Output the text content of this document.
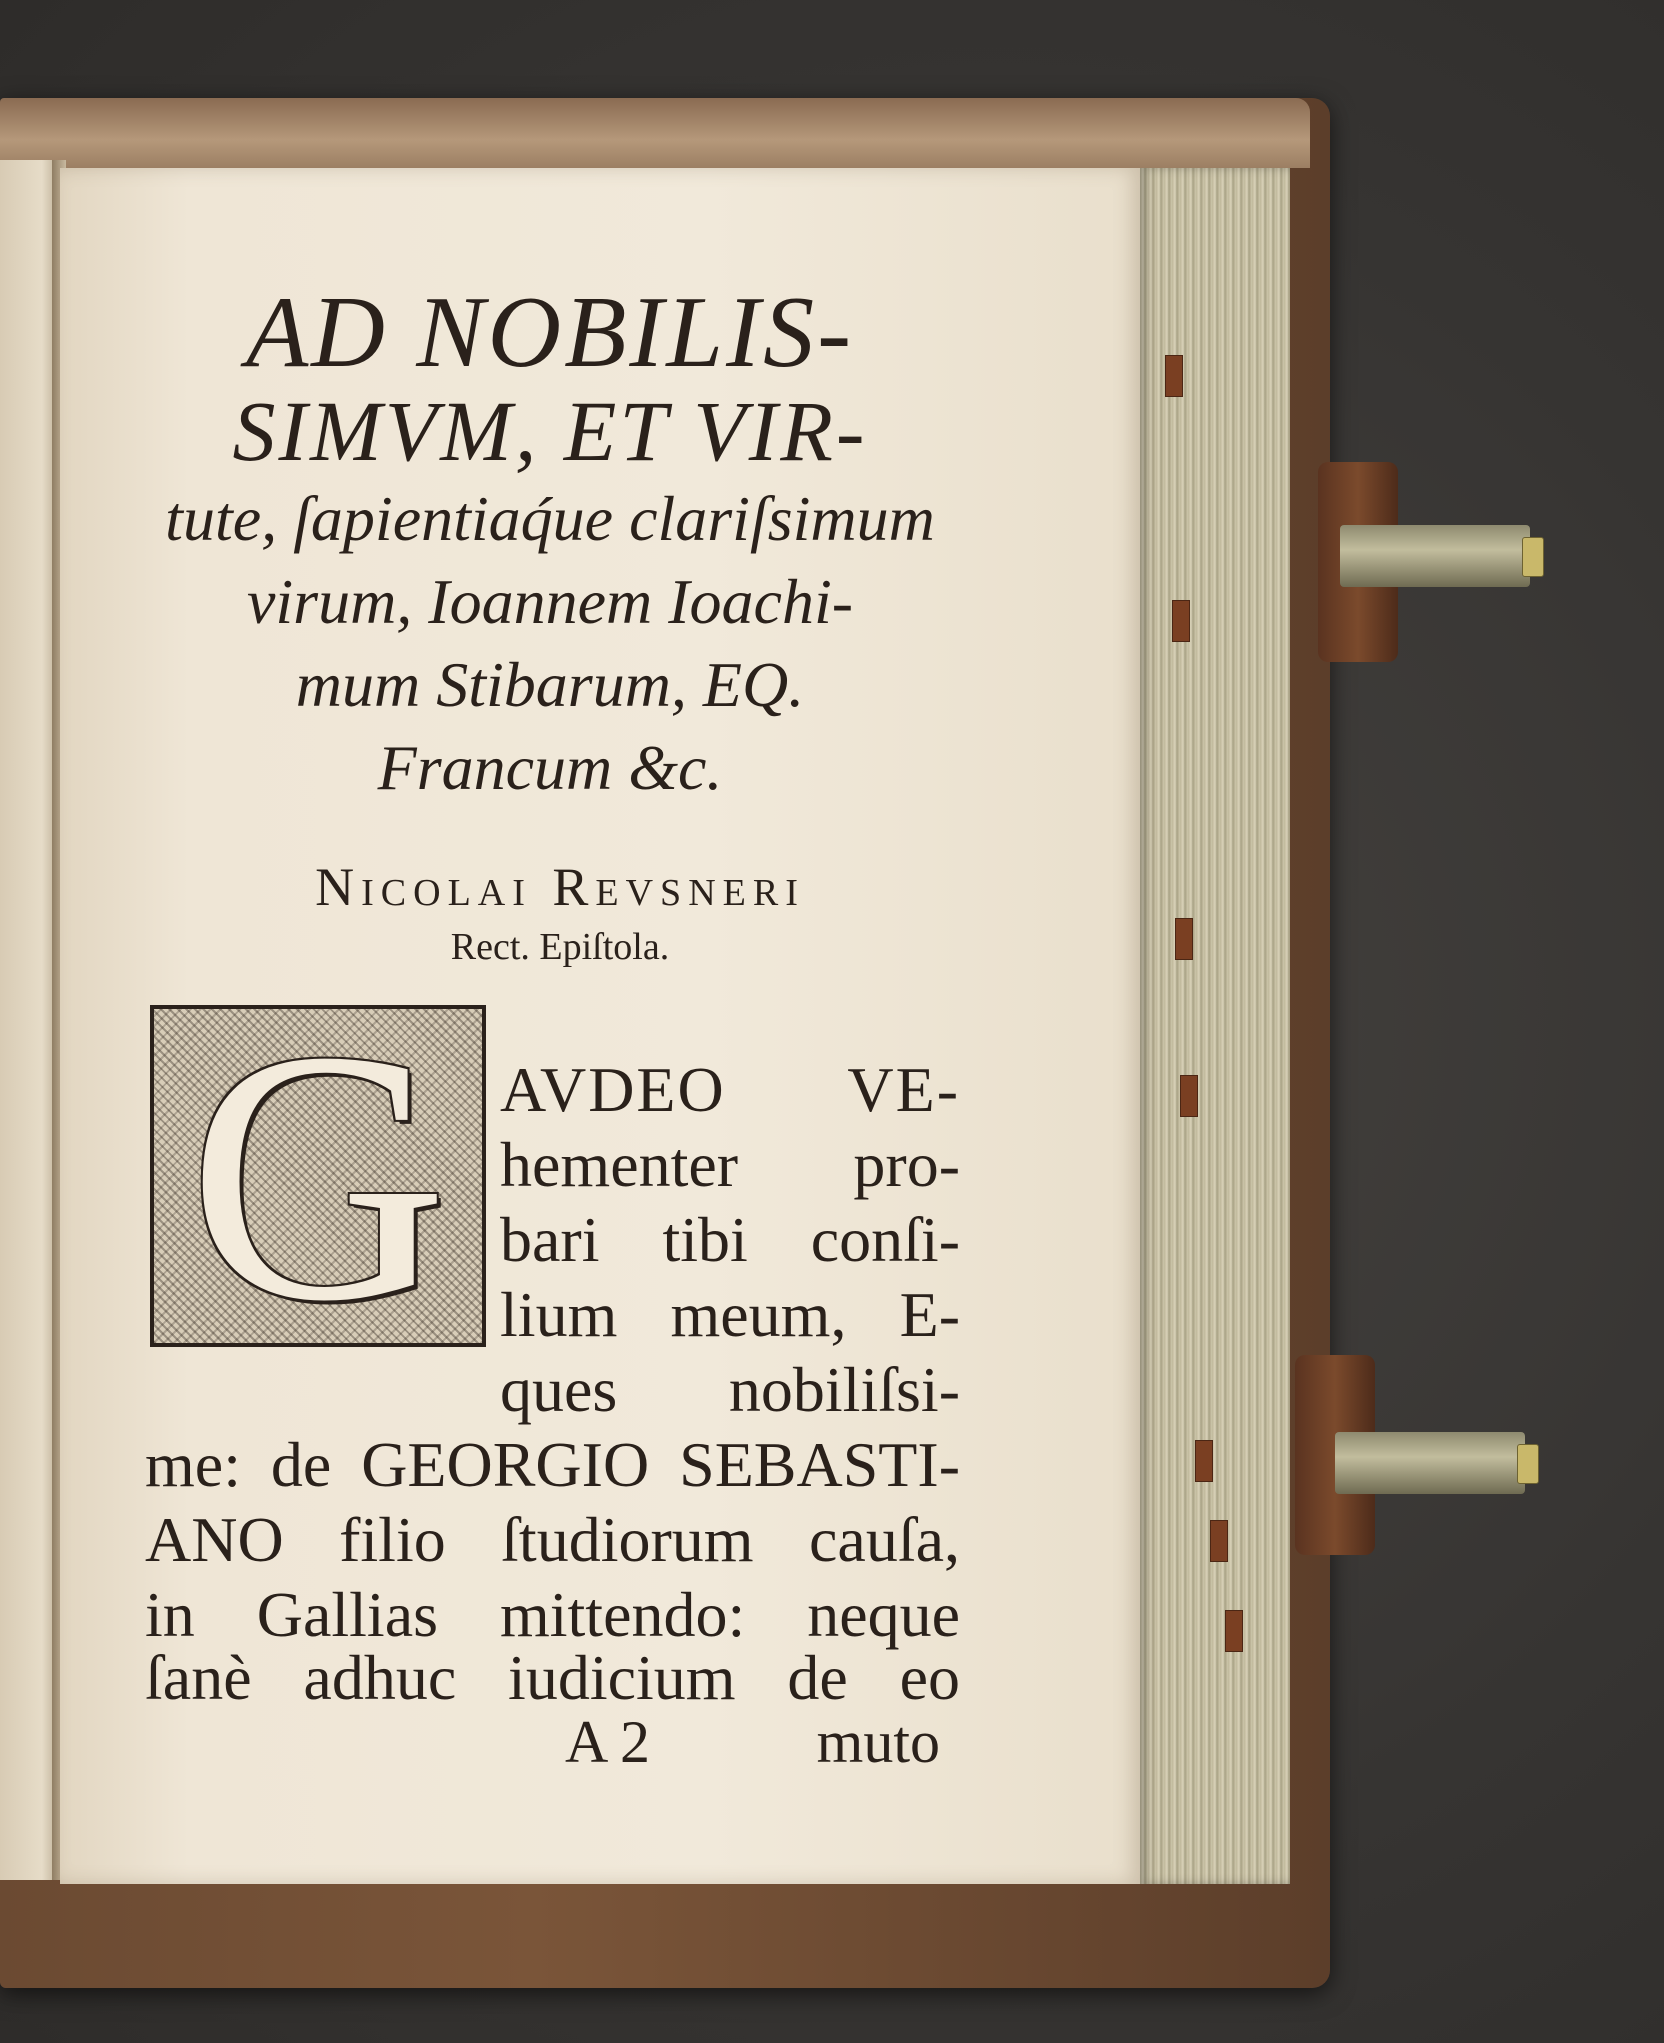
AD NOBILIS-

SIMVM, ET VIR-

tute, ſapientiaq́ue clariſsimum

virum, Ioannem Ioachi-

mum Stibarum, EQ.

Francum &c.

Nicolai Revsneri

Rect. Epiſtola.

G AVDEO VE-

hementer pro-

bari tibi conſi-

lium meum, E-

ques nobiliſsi-

me: de GEORGIO SEBASTI-

ANO filio ſtudiorum cauſa,

in Gallias mittendo: neque

ſanè adhuc iudicium de eo

A 2	muto
